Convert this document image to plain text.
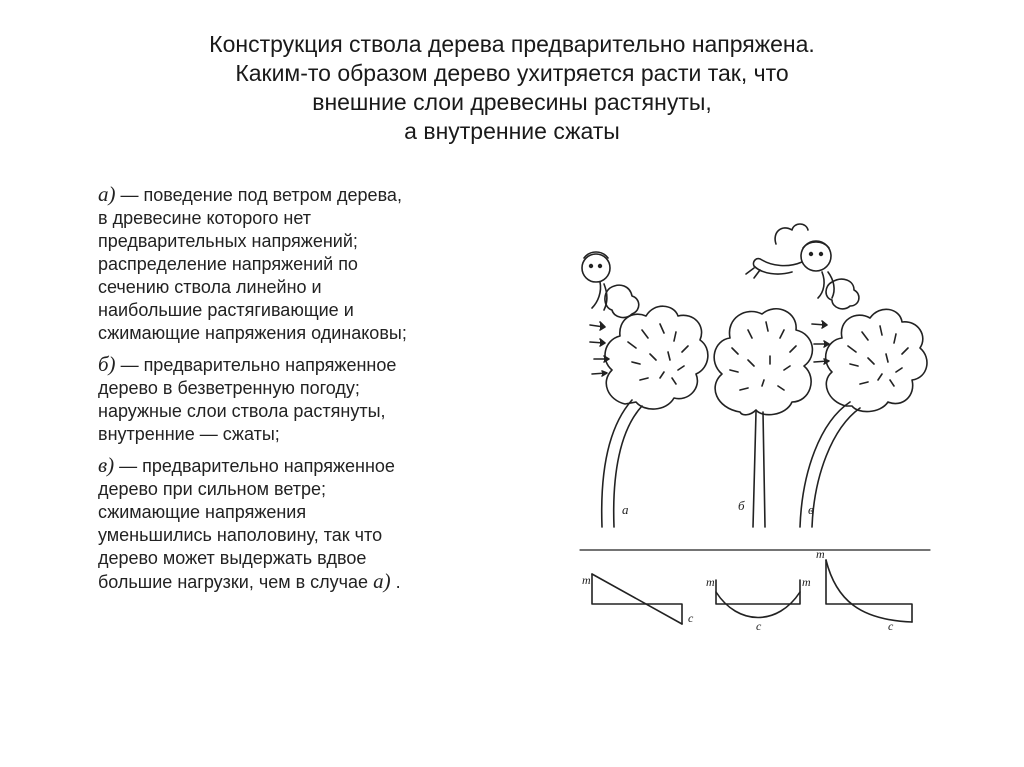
Конструкция ствола дерева предварительно напряжена.
Каким-то образом дерево ухитряется расти так, что
внешние слои древесины растянуты,
а внутренние сжаты
а) — поведение под ветром дерева,
в древесине которого нет
предварительных напряжений;
распределение напряжений по
сечению ствола линейно и
наибольшие растягивающие и
сжимающие напряжения одинаковы;
б) — предварительно напряженное
дерево в безветренную погоду;
наружные слои ствола растянуты,
внутренние — сжаты;
в) — предварительно напряженное
дерево при сильном ветре;
сжимающие напряжения
уменьшились наполовину, так что
дерево может выдержать вдвое
большие нагрузки, чем в случае а) .
а	б	в
т
с
т	т
с
т
с
